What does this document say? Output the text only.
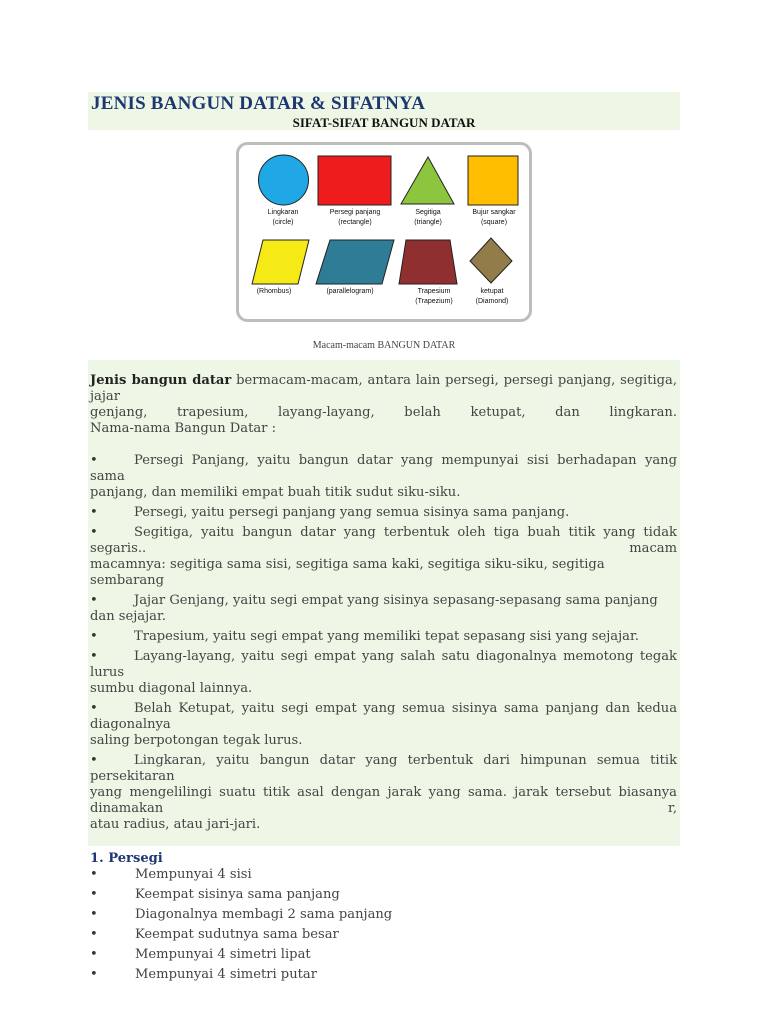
JENIS BANGUN DATAR & SIFATNYA
SIFAT-SIFAT BANGUN DATAR
Lingkaran
(circle)
Persegi panjang
(rectangle)
Segitiga
(triangle)
Bujur sangkar
(square)
(Rhombus)	(parallelogram)	Trapesium
(Trapezium)
ketupat
(Diamond)
Macam-macam BANGUN DATAR

Jenis bangun datar bermacam-macam, antara lain persegi, persegi panjang, segitiga, jajar

genjang, trapesium, layang-layang, belah ketupat, dan lingkaran.

Nama-nama Bangun Datar :

•	Persegi Panjang, yaitu bangun datar yang mempunyai sisi berhadapan yang sama

panjang, dan memiliki empat buah titik sudut siku-siku.

•	Persegi, yaitu persegi panjang yang semua sisinya sama panjang.

•	Segitiga, yaitu bangun datar yang terbentuk oleh tiga buah titik yang tidak segaris.. macam

macamnya: segitiga sama sisi, segitiga sama kaki, segitiga siku-siku, segitiga sembarang

•	Jajar Genjang, yaitu segi empat yang sisinya sepasang-sepasang sama panjang dan sejajar.

•	Trapesium, yaitu segi empat yang memiliki tepat sepasang sisi yang sejajar.

•	Layang-layang, yaitu segi empat yang salah satu diagonalnya memotong tegak lurus

sumbu diagonal lainnya.

•	Belah Ketupat, yaitu segi empat yang semua sisinya sama panjang dan kedua diagonalnya

saling berpotongan tegak lurus.

•	Lingkaran, yaitu bangun datar yang terbentuk dari himpunan semua titik persekitaran

yang mengelilingi suatu titik asal dengan jarak yang sama. jarak tersebut biasanya dinamakan r,

atau radius, atau jari-jari.

1. Persegi

•	Mempunyai 4 sisi

•	Keempat sisinya sama panjang

•	Diagonalnya membagi 2 sama panjang

•	Keempat sudutnya sama besar

•	Mempunyai 4 simetri lipat

•	Mempunyai 4 simetri putar
